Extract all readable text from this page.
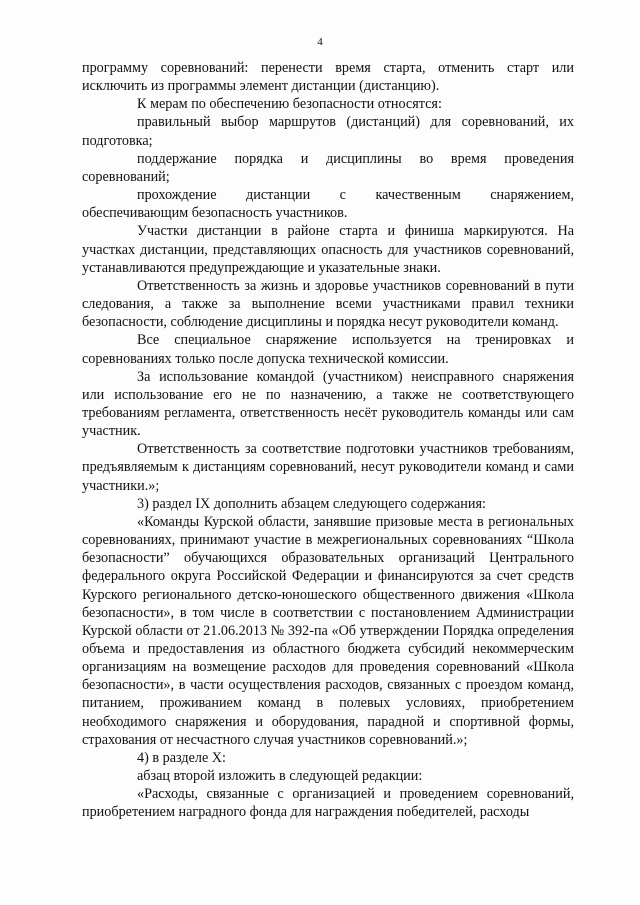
4

программу соревнований: перенести время старта, отменить старт или исключить из программы элемент дистанции (дистанцию).

К мерам по обеспечению безопасности относятся:

правильный выбор маршрутов (дистанций) для соревнований, их подготовка;

поддержание порядка и дисциплины во время проведения соревнований;

прохождение дистанции с качественным снаряжением, обеспечивающим безопасность участников.

Участки дистанции в районе старта и финиша маркируются. На участках дистанции, представляющих опасность для участников соревнований, устанавливаются предупреждающие и указательные знаки.

Ответственность за жизнь и здоровье участников соревнований в пути следования, а также за выполнение всеми участниками правил техники безопасности, соблюдение дисциплины и порядка несут руководители команд.

Все специальное снаряжение используется на тренировках и соревнованиях только после допуска технической комиссии.

За использование командой (участником) неисправного снаряжения или использование его не по назначению, а также не соответствующего требованиям регламента, ответственность несёт руководитель команды или сам участник.

Ответственность за соответствие подготовки участников требованиям, предъявляемым к дистанциям соревнований, несут руководители команд и сами участники.»;

3) раздел IX дополнить абзацем следующего содержания:

«Команды Курской области, занявшие призовые места в региональных соревнованиях, принимают участие в межрегиональных соревнованиях “Школа безопасности” обучающихся образовательных организаций Центрального федерального округа Российской Федерации и финансируются за счет средств Курского регионального детско-юношеского общественного движения «Школа безопасности», в том числе в соответствии с постановлением Администрации Курской области от 21.06.2013 № 392-па «Об утверждении Порядка определения объема и предоставления из областного бюджета субсидий некоммерческим организациям на возмещение расходов для проведения соревнований «Школа безопасности», в части осуществления расходов, связанных с проездом команд, питанием, проживанием команд в полевых условиях, приобретением необходимого снаряжения и оборудования, парадной и спортивной формы, страхования от несчастного случая участников соревнований.»;

4) в разделе X:

абзац второй изложить в следующей редакции:

«Расходы, связанные с организацией и проведением соревнований, приобретением наградного фонда для награждения победителей, расходы
